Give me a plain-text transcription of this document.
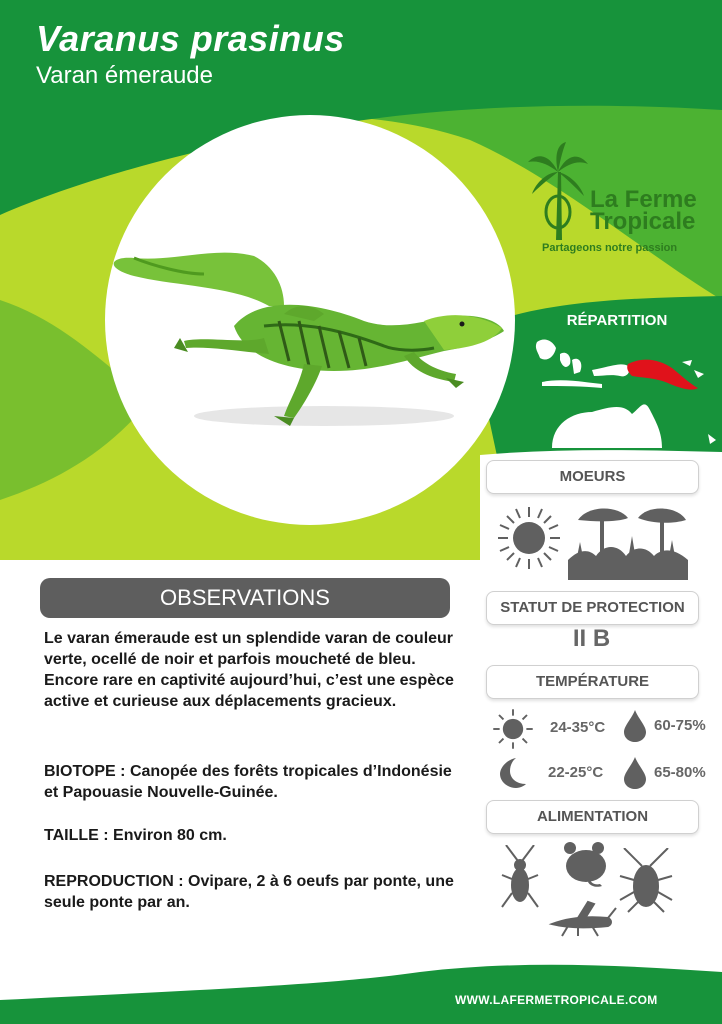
Varanus prasinus
Varan émeraude
La Ferme
Tropicale
Partageons notre passion
RÉPARTITION
MOEURS
STATUT DE PROTECTION
II B
TEMPÉRATURE
24-35°C	60-75%
22-25°C	65-80%
ALIMENTATION
OBSERVATIONS

Le varan émeraude est un splendide varan de couleur verte, ocellé de noir et parfois moucheté de bleu. Encore rare en captivité aujourd’hui, c’est une espèce active et curieuse aux déplacements gracieux.

BIOTOPE : Canopée des forêts tropicales d’Indonésie et Papouasie Nouvelle-Guinée.

TAILLE : Environ 80 cm.

REPRODUCTION : Ovipare, 2 à 6 oeufs par ponte, une seule ponte par an.

WWW.LAFERMETROPICALE.COM
